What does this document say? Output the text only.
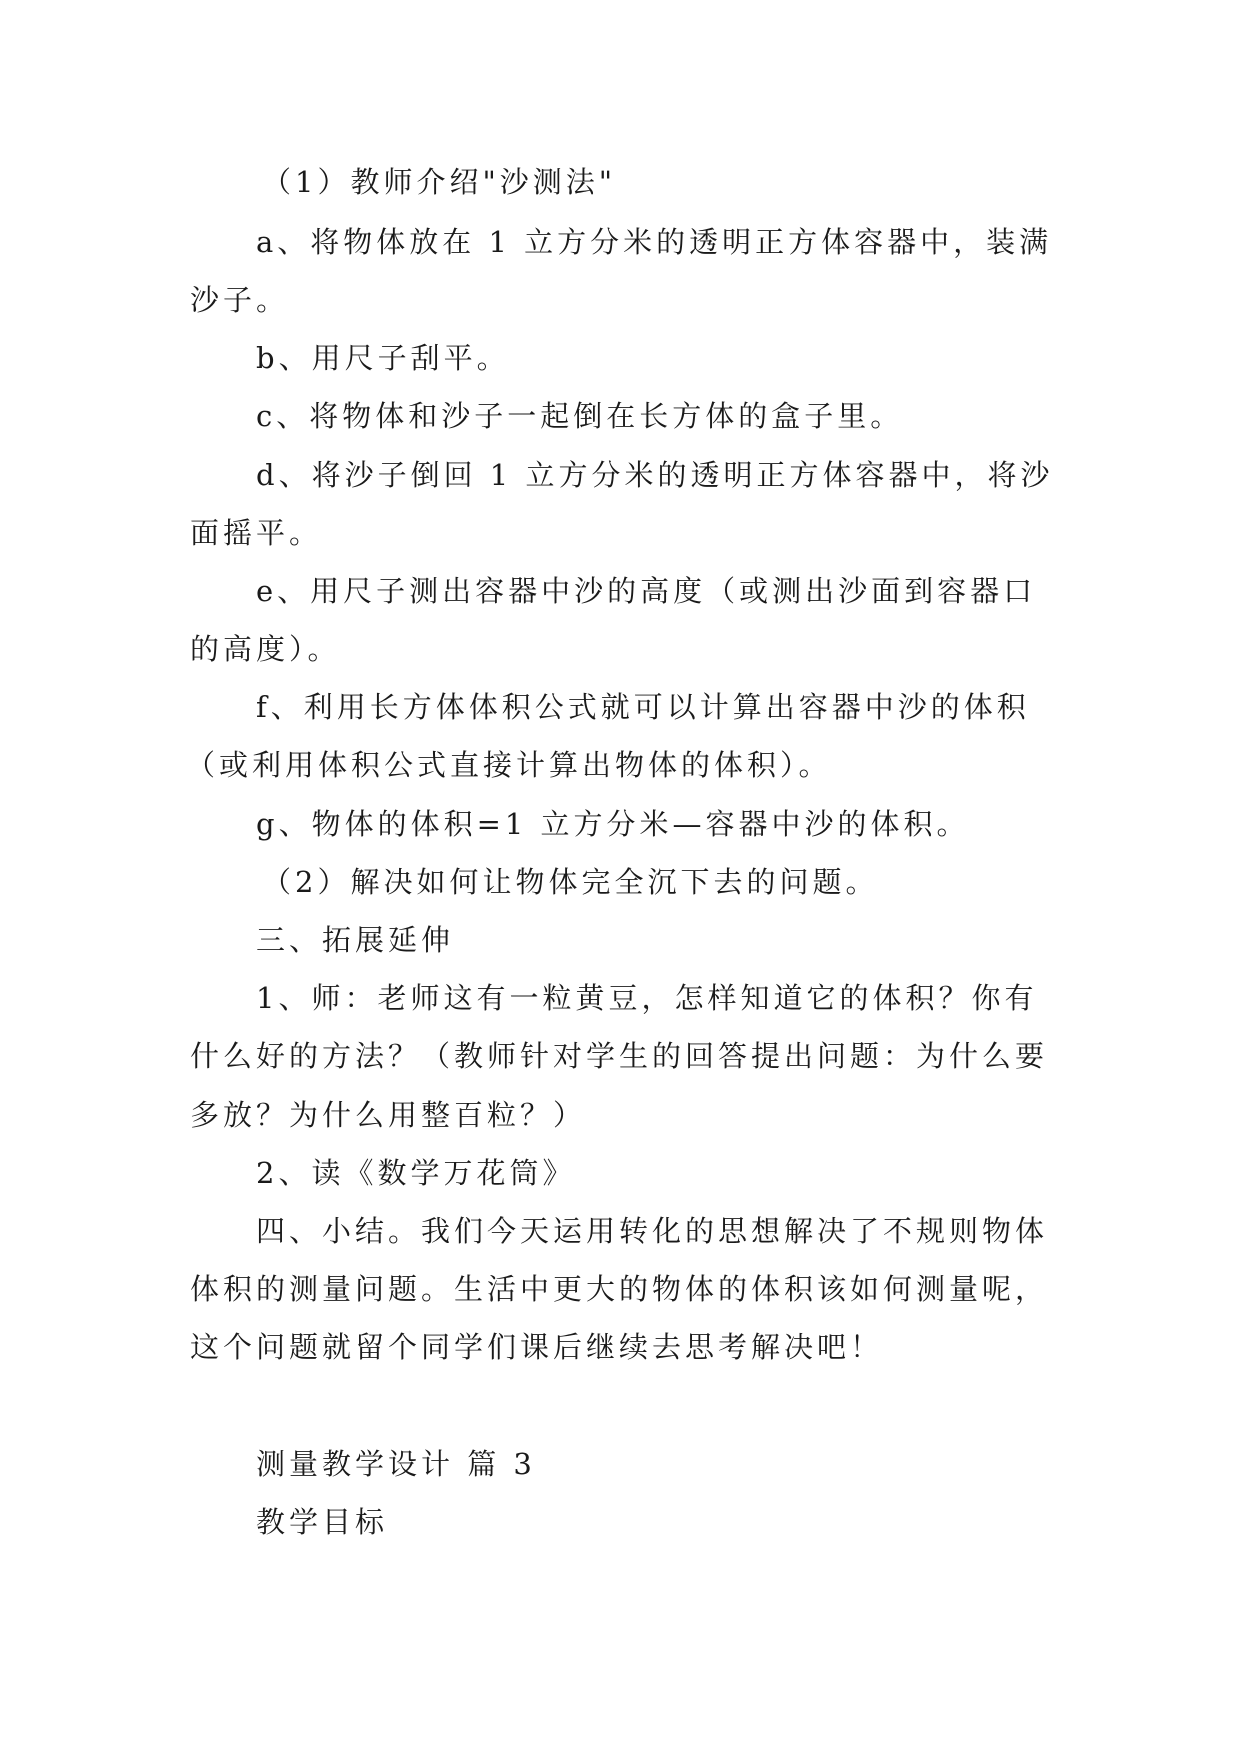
（1）教师介绍"沙测法"
a、将物体放在 1 立方分米的透明正方体容器中，装满
沙子。
b、用尺子刮平。
c、将物体和沙子一起倒在长方体的盒子里。
d、将沙子倒回 1 立方分米的透明正方体容器中，将沙
面摇平。
e、用尺子测出容器中沙的高度（或测出沙面到容器口
的高度）。
f、利用长方体体积公式就可以计算出容器中沙的体积
（或利用体积公式直接计算出物体的体积）。
g、物体的体积=1 立方分米—容器中沙的体积。
（2）解决如何让物体完全沉下去的问题。
三、拓展延伸
1、师：老师这有一粒黄豆，怎样知道它的体积？你有
什么好的方法？（教师针对学生的回答提出问题：为什么要
多放？为什么用整百粒？）
2、读《数学万花筒》
四、小结。我们今天运用转化的思想解决了不规则物体
体积的测量问题。生活中更大的物体的体积该如何测量呢，
这个问题就留个同学们课后继续去思考解决吧！
测量教学设计 篇 3
教学目标
